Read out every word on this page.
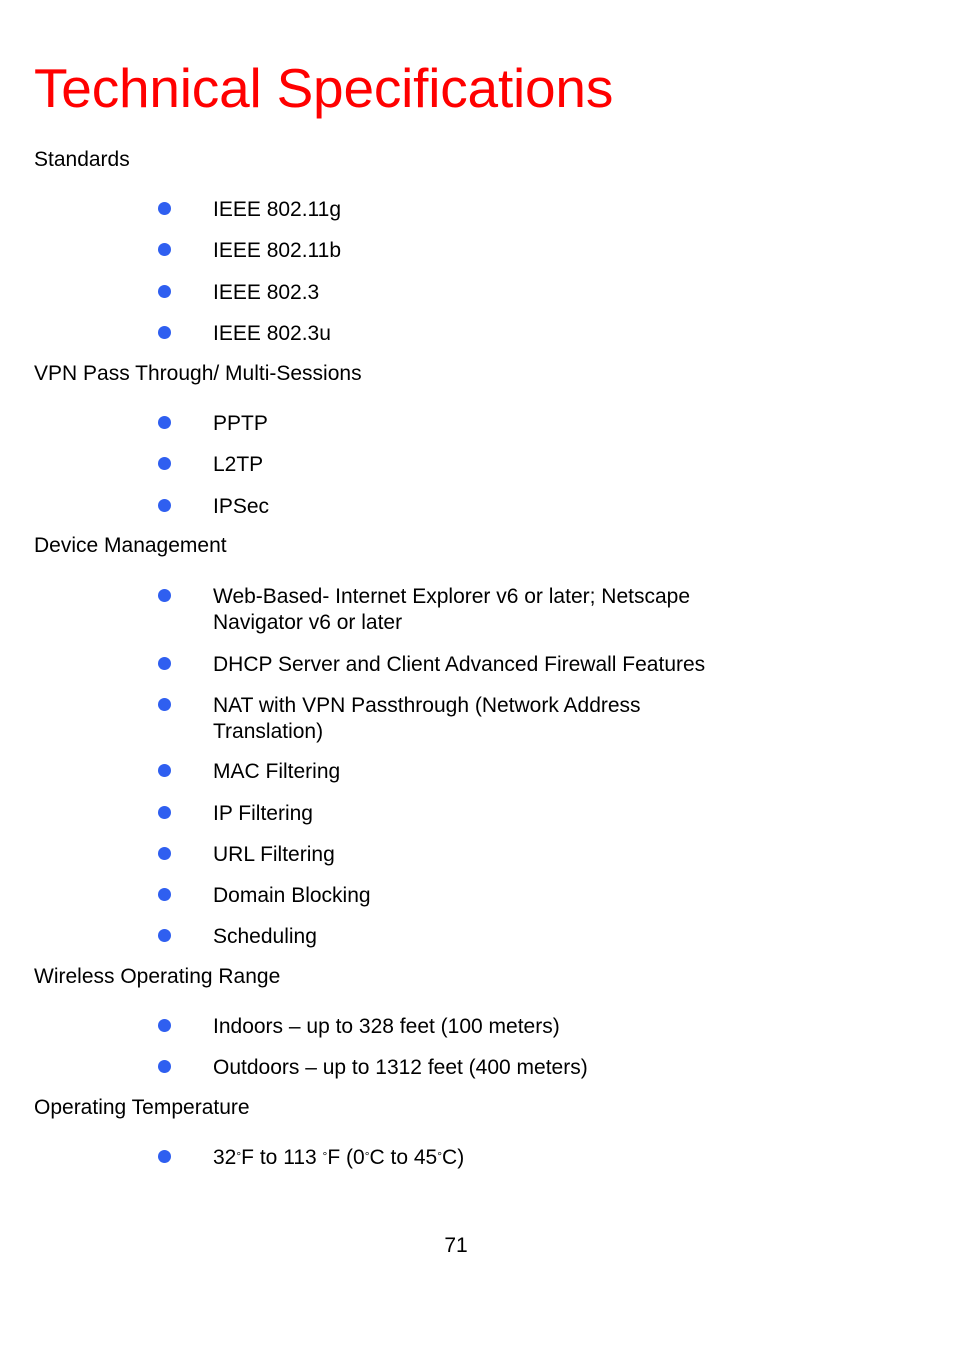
Technical Specifications
Standards
IEEE 802.11g
IEEE 802.11b
IEEE 802.3
IEEE 802.3u
VPN Pass Through/ Multi-Sessions
PPTP
L2TP
IPSec
Device Management
Web-Based- Internet Explorer v6 or later; Netscape Navigator v6 or later
DHCP Server and Client Advanced Firewall Features
NAT with VPN Passthrough (Network Address Translation)
MAC Filtering
IP Filtering
URL Filtering
Domain Blocking
Scheduling
Wireless Operating Range
Indoors – up to 328 feet (100 meters)
Outdoors – up to 1312 feet (400 meters)
Operating Temperature
32°F to 113 °F (0°C to 45°C)
71
